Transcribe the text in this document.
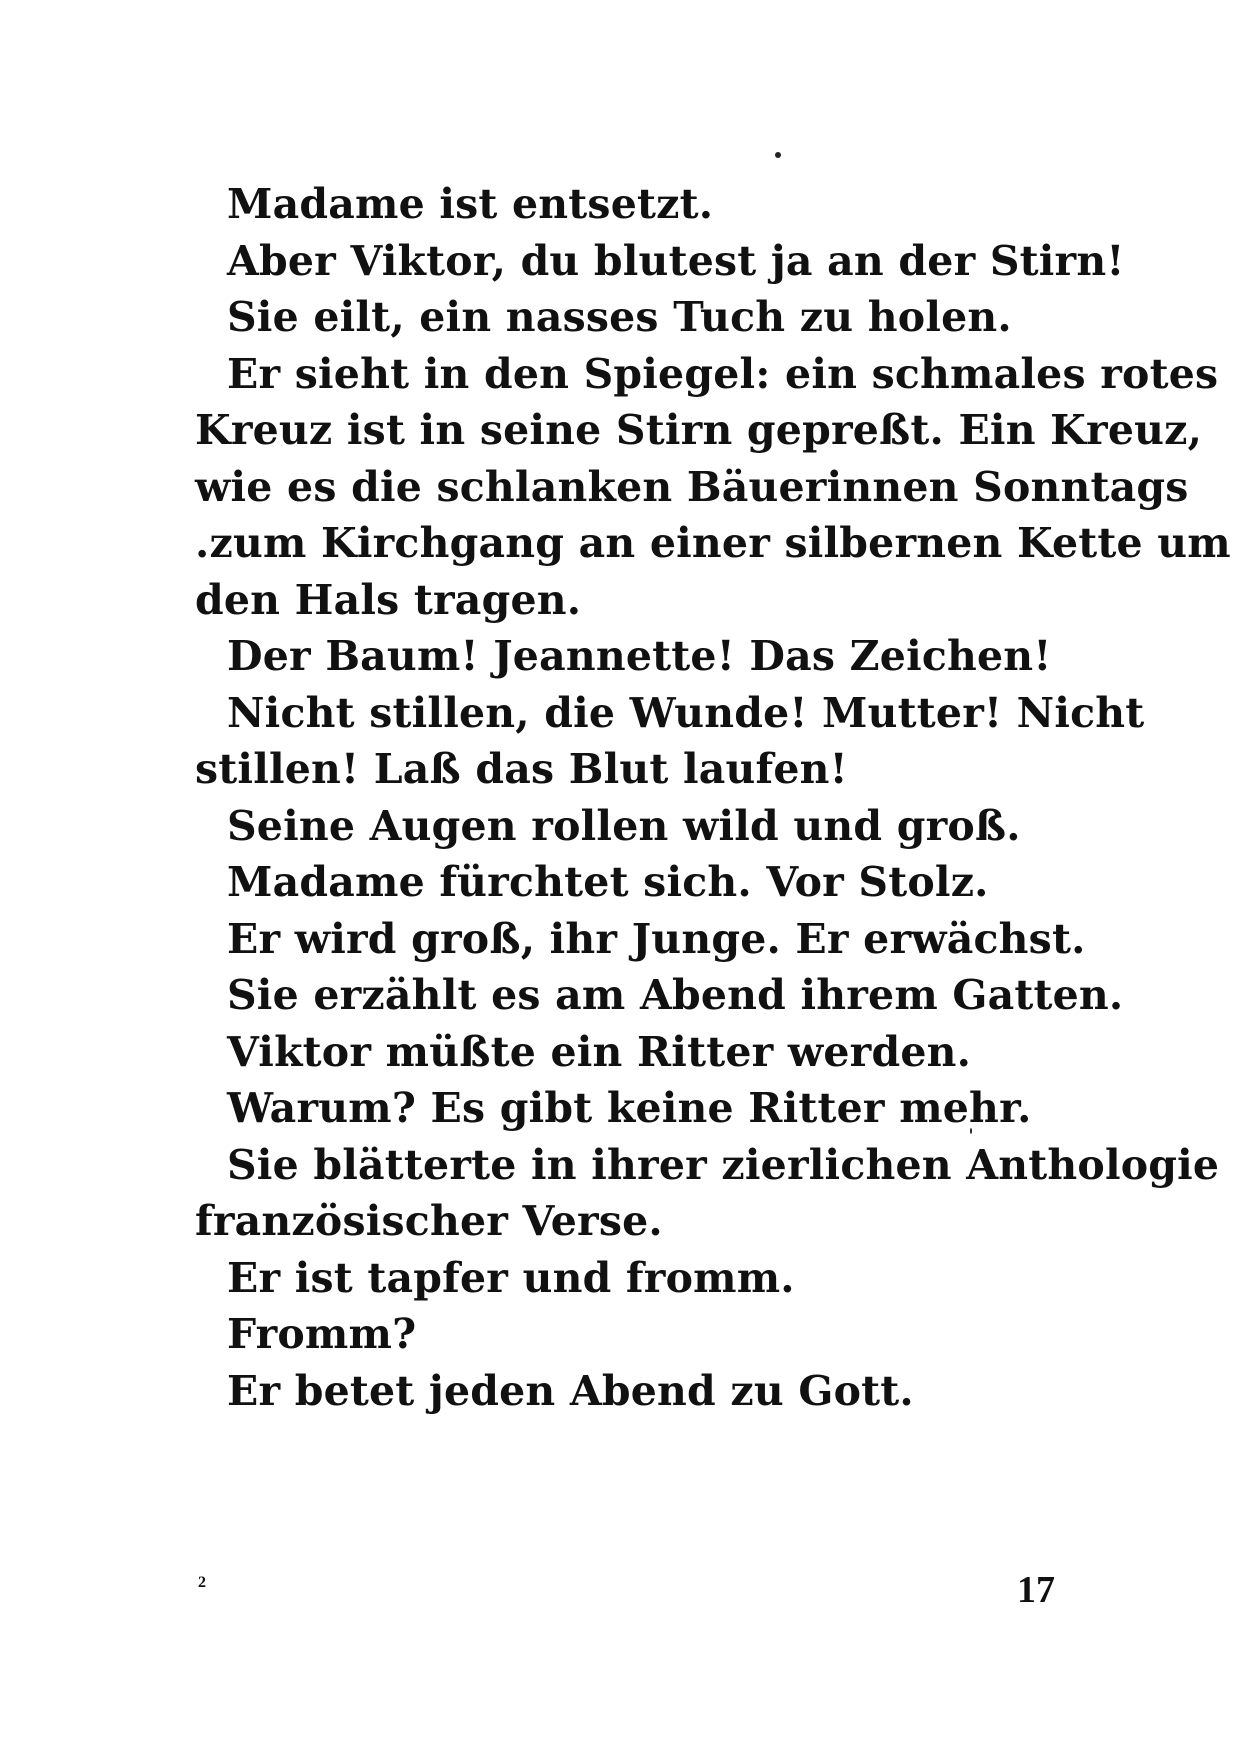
Madame ist entsetzt.
Aber Viktor, du blutest ja an der Stirn!
Sie eilt, ein nasses Tuch zu holen.
Er sieht in den Spiegel: ein schmales rotes
Kreuz ist in seine Stirn gepreßt. Ein Kreuz,
wie es die schlanken Bäuerinnen Sonntags
.zum Kirchgang an einer silbernen Kette um
den Hals tragen.
Der Baum! Jeannette! Das Zeichen!
Nicht stillen, die Wunde! Mutter! Nicht
stillen! Laß das Blut laufen!
Seine Augen rollen wild und groß.
Madame fürchtet sich. Vor Stolz.
Er wird groß, ihr Junge. Er erwächst.
Sie erzählt es am Abend ihrem Gatten.
Viktor müßte ein Ritter werden.
Warum? Es gibt keine Ritter mehr.
Sie blätterte in ihrer zierlichen Anthologie
französischer Verse.
Er ist tapfer und fromm.
Fromm?
Er betet jeden Abend zu Gott.
2	17
